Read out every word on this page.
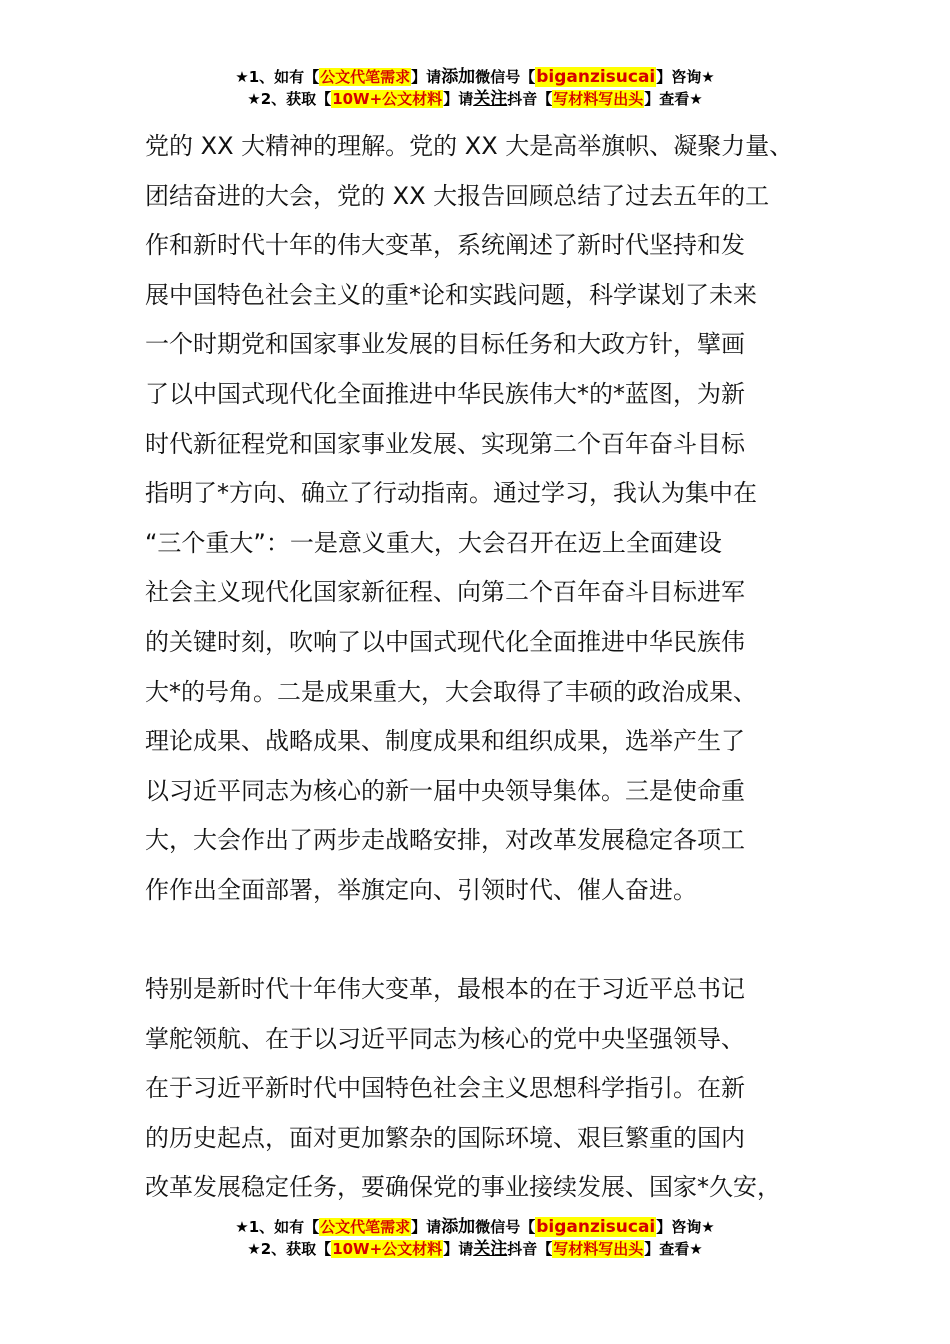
★1、如有【公文代笔需求】请添加微信号【biganzisucai】咨询★
★2、获取【10W+公文材料】请关注抖音【写材料写出头】查看★

党的 XX 大精神的理解。党的 XX 大是高举旗帜、凝聚力量、

团结奋进的大会，党的 XX 大报告回顾总结了过去五年的工

作和新时代十年的伟大变革，系统阐述了新时代坚持和发

展中国特色社会主义的重*论和实践问题，科学谋划了未来

一个时期党和国家事业发展的目标任务和大政方针，擘画

了以中国式现代化全面推进中华民族伟大*的*蓝图，为新

时代新征程党和国家事业发展、实现第二个百年奋斗目标

指明了*方向、确立了行动指南。通过学习，我认为集中在

“三个重大”：一是意义重大，大会召开在迈上全面建设

社会主义现代化国家新征程、向第二个百年奋斗目标进军

的关键时刻，吹响了以中国式现代化全面推进中华民族伟

大*的号角。二是成果重大，大会取得了丰硕的政治成果、

理论成果、战略成果、制度成果和组织成果，选举产生了

以习近平同志为核心的新一届中央领导集体。三是使命重

大，大会作出了两步走战略安排，对改革发展稳定各项工

作作出全面部署，举旗定向、引领时代、催人奋进。

特别是新时代十年伟大变革，最根本的在于习近平总书记

掌舵领航、在于以习近平同志为核心的党中央坚强领导、

在于习近平新时代中国特色社会主义思想科学指引。在新

的历史起点，面对更加繁杂的国际环境、艰巨繁重的国内

改革发展稳定任务，要确保党的事业接续发展、国家*久安，

★1、如有【公文代笔需求】请添加微信号【biganzisucai】咨询★
★2、获取【10W+公文材料】请关注抖音【写材料写出头】查看★
